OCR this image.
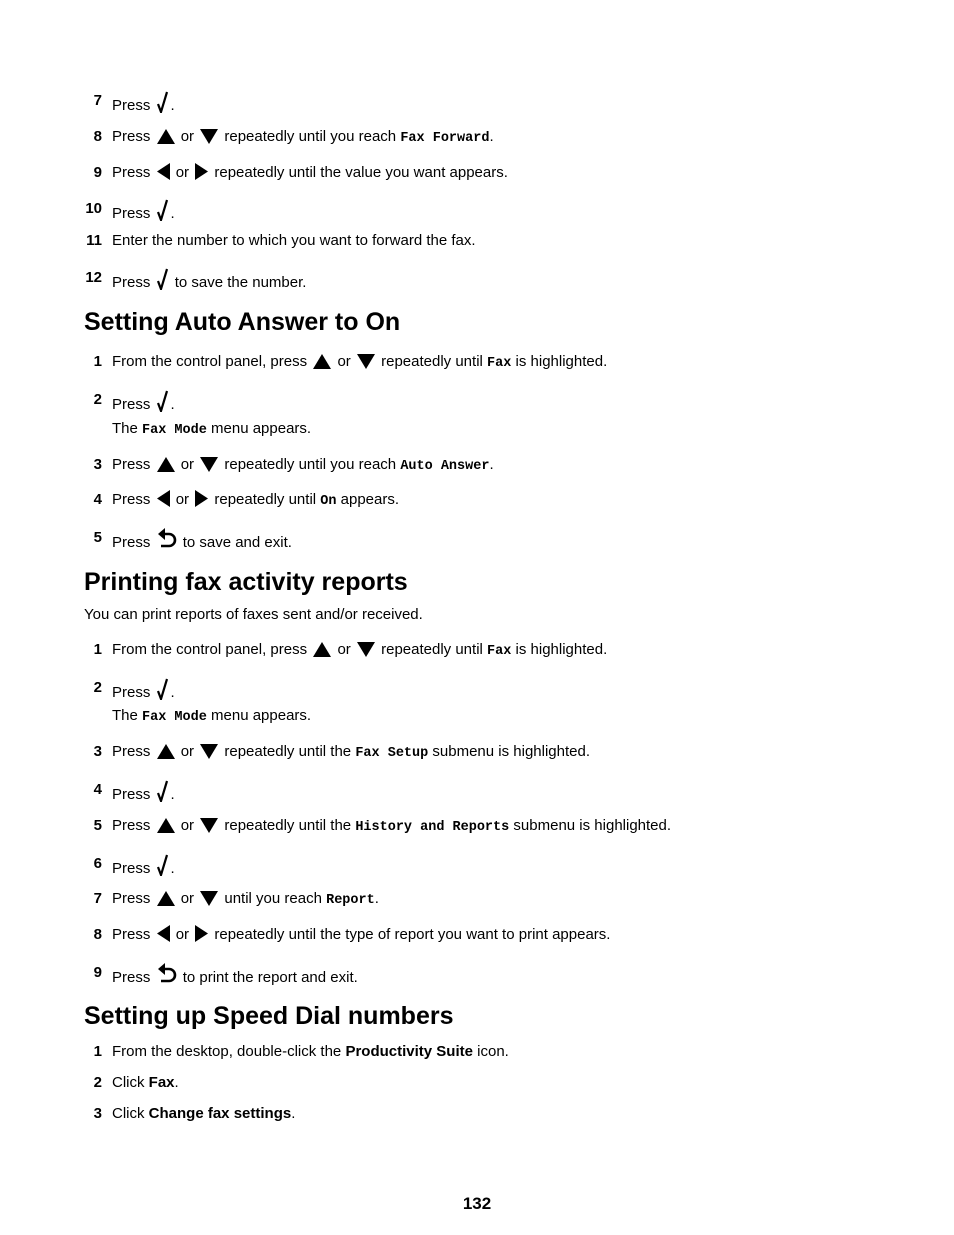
7 Press .
8 Press or repeatedly until you reach Fax Forward.
9 Press or repeatedly until the value you want appears.
10 Press .
11 Enter the number to which you want to forward the fax.
12 Press to save the number.
Setting Auto Answer to On
1 From the control panel, press or repeatedly until Fax is highlighted.
2 Press .
The Fax Mode menu appears.
3 Press or repeatedly until you reach Auto Answer.
4 Press or repeatedly until On appears.
5 Press to save and exit.
Printing fax activity reports
You can print reports of faxes sent and/or received.
1 From the control panel, press or repeatedly until Fax is highlighted.
2 Press .
The Fax Mode menu appears.
3 Press or repeatedly until the Fax Setup submenu is highlighted.
4 Press .
5 Press or repeatedly until the History and Reports submenu is highlighted.
6 Press .
7 Press or until you reach Report.
8 Press or repeatedly until the type of report you want to print appears.
9 Press to print the report and exit.
Setting up Speed Dial numbers
1 From the desktop, double-click the Productivity Suite icon.
2 Click Fax.
3 Click Change fax settings.
132
